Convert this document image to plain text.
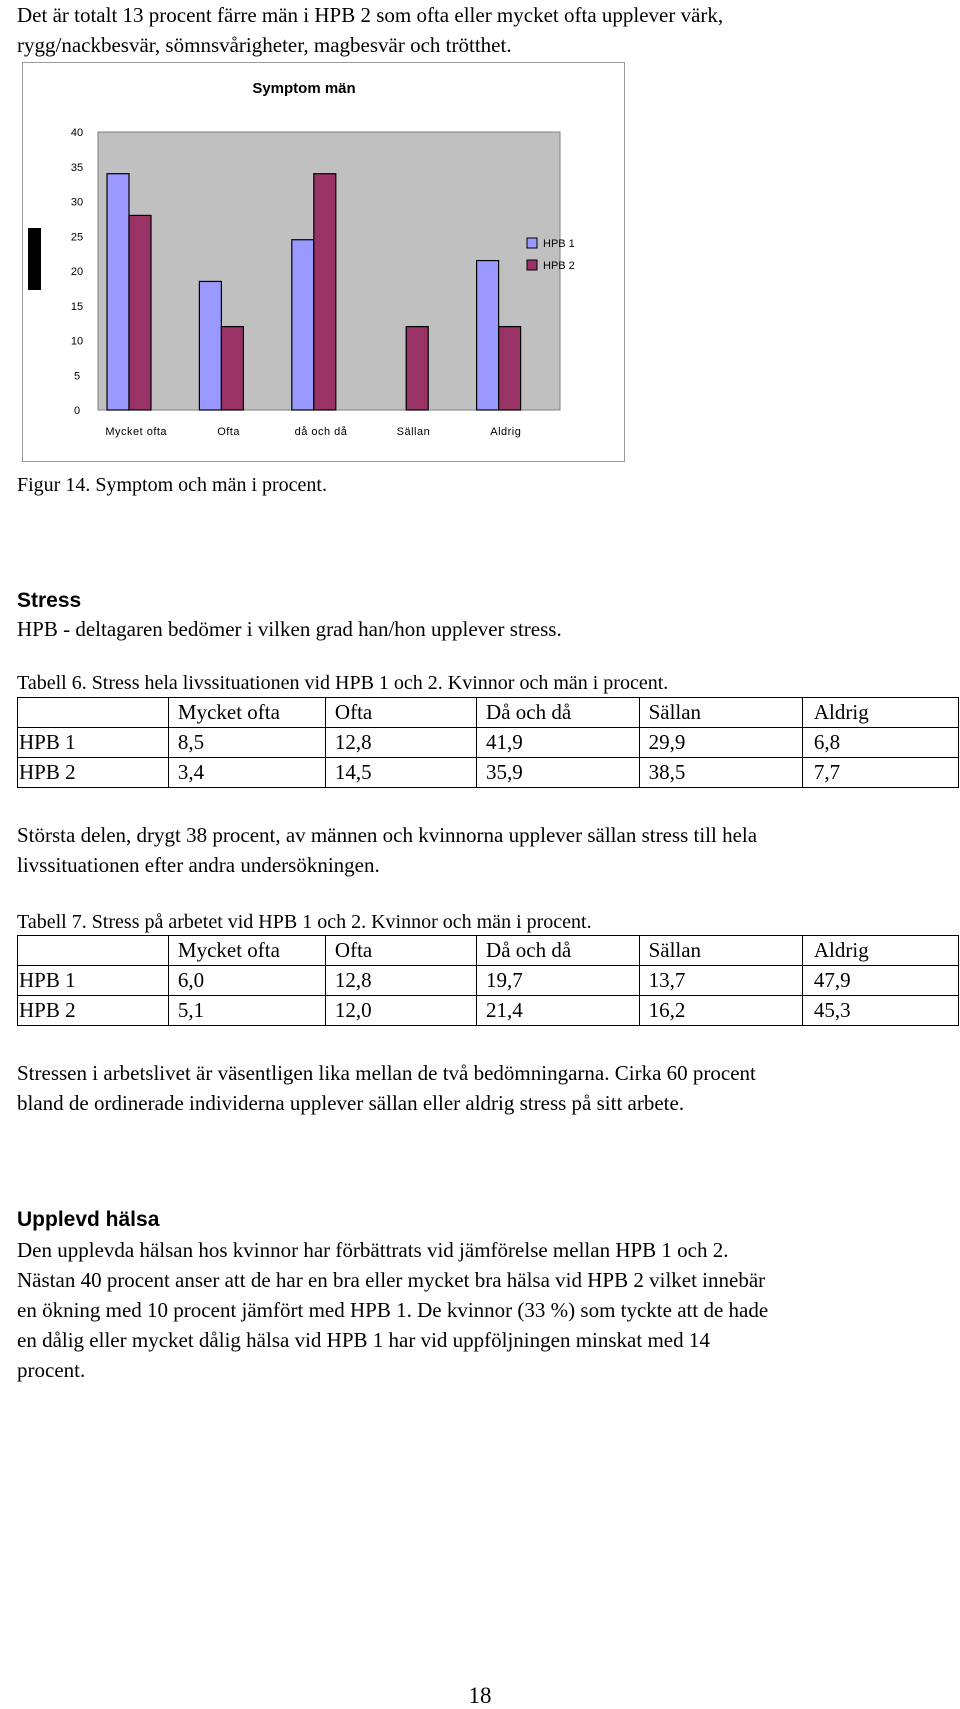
Det är totalt 13 procent färre män i HPB 2 som ofta eller mycket ofta upplever värk,

rygg/nackbesvär, sömnsvårigheter, magbesvär och trötthet.

Figur 14. Symptom och män i procent.

Stress

HPB - deltagaren bedömer i vilken grad han/hon upplever stress.

Tabell 6. Stress hela livssituationen vid HPB 1 och 2. Kvinnor och män i procent.

	Mycket ofta	Ofta	Då och då	Sällan	Aldrig
HPB 1	8,5	12,8	41,9	29,9	6,8
HPB 2	3,4	14,5	35,9	38,5	7,7

Största delen, drygt 38 procent, av männen och kvinnorna upplever sällan stress till hela

livssituationen efter andra undersökningen.

Tabell 7. Stress på arbetet vid HPB 1 och 2. Kvinnor och män i procent.

	Mycket ofta	Ofta	Då och då	Sällan	Aldrig
HPB 1	6,0	12,8	19,7	13,7	47,9
HPB 2	5,1	12,0	21,4	16,2	45,3

Stressen i arbetslivet är väsentligen lika mellan de två bedömningarna. Cirka 60 procent

bland de ordinerade individerna upplever sällan eller aldrig stress på sitt arbete.

Upplevd hälsa

Den upplevda hälsan hos kvinnor har förbättrats vid jämförelse mellan HPB 1 och 2.

Nästan 40 procent anser att de har en bra eller mycket bra hälsa vid HPB 2 vilket innebär

en ökning med 10 procent jämfört med HPB 1. De kvinnor (33 %) som tyckte att de hade

en dålig eller mycket dålig hälsa vid HPB 1 har vid uppföljningen minskat med 14

procent.

Symptom män
0
5
10
15
20
25
30
35
40
Mycket ofta	Ofta	då och då	Sällan	Aldrig
HPB 1
HPB 2
18
